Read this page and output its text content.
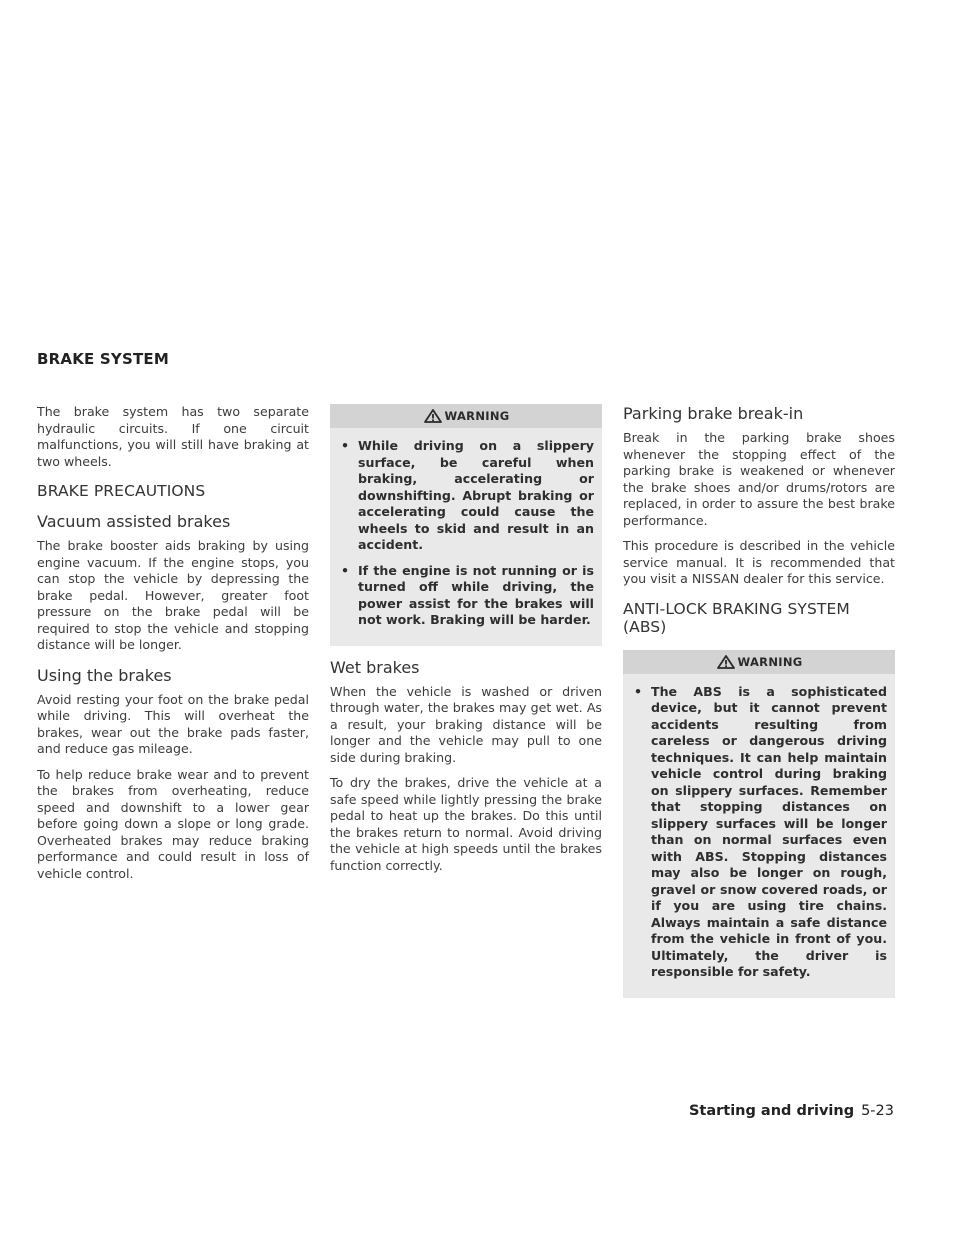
BRAKE SYSTEM

The brake system has two separate hydraulic circuits. If one circuit malfunctions, you will still have braking at two wheels.

BRAKE PRECAUTIONS
Vacuum assisted brakes

The brake booster aids braking by using engine vacuum. If the engine stops, you can stop the vehicle by depressing the brake pedal. However, greater foot pressure on the brake pedal will be required to stop the vehicle and stopping distance will be longer.

Using the brakes

Avoid resting your foot on the brake pedal while driving. This will overheat the brakes, wear out the brake pads faster, and reduce gas mileage.

To help reduce brake wear and to prevent the brakes from overheating, reduce speed and downshift to a lower gear before going down a slope or long grade. Overheated brakes may reduce braking performance and could result in loss of vehicle control.

WARNING
• While driving on a slippery surface, be careful when braking, accelerating or downshifting. Abrupt braking or accelerating could cause the wheels to skid and result in an accident.
• If the engine is not running or is turned off while driving, the power assist for the brakes will not work. Braking will be harder.
Wet brakes

When the vehicle is washed or driven through water, the brakes may get wet. As a result, your braking distance will be longer and the vehicle may pull to one side during braking.

To dry the brakes, drive the vehicle at a safe speed while lightly pressing the brake pedal to heat up the brakes. Do this until the brakes return to normal. Avoid driving the vehicle at high speeds until the brakes function correctly.

Parking brake break-in

Break in the parking brake shoes whenever the stopping effect of the parking brake is weakened or whenever the brake shoes and/or drums/rotors are replaced, in order to assure the best brake performance.

This procedure is described in the vehicle service manual. It is recommended that you visit a NISSAN dealer for this service.

ANTI-LOCK BRAKING SYSTEM (ABS)
WARNING
• The ABS is a sophisticated device, but it cannot prevent accidents resulting from careless or dangerous driving techniques. It can help maintain vehicle control during braking on slippery surfaces. Remember that stopping distances on slippery surfaces will be longer than on normal surfaces even with ABS. Stopping distances may also be longer on rough, gravel or snow covered roads, or if you are using tire chains. Always maintain a safe distance from the vehicle in front of you. Ultimately, the driver is responsible for safety.
Starting and driving 5-23
